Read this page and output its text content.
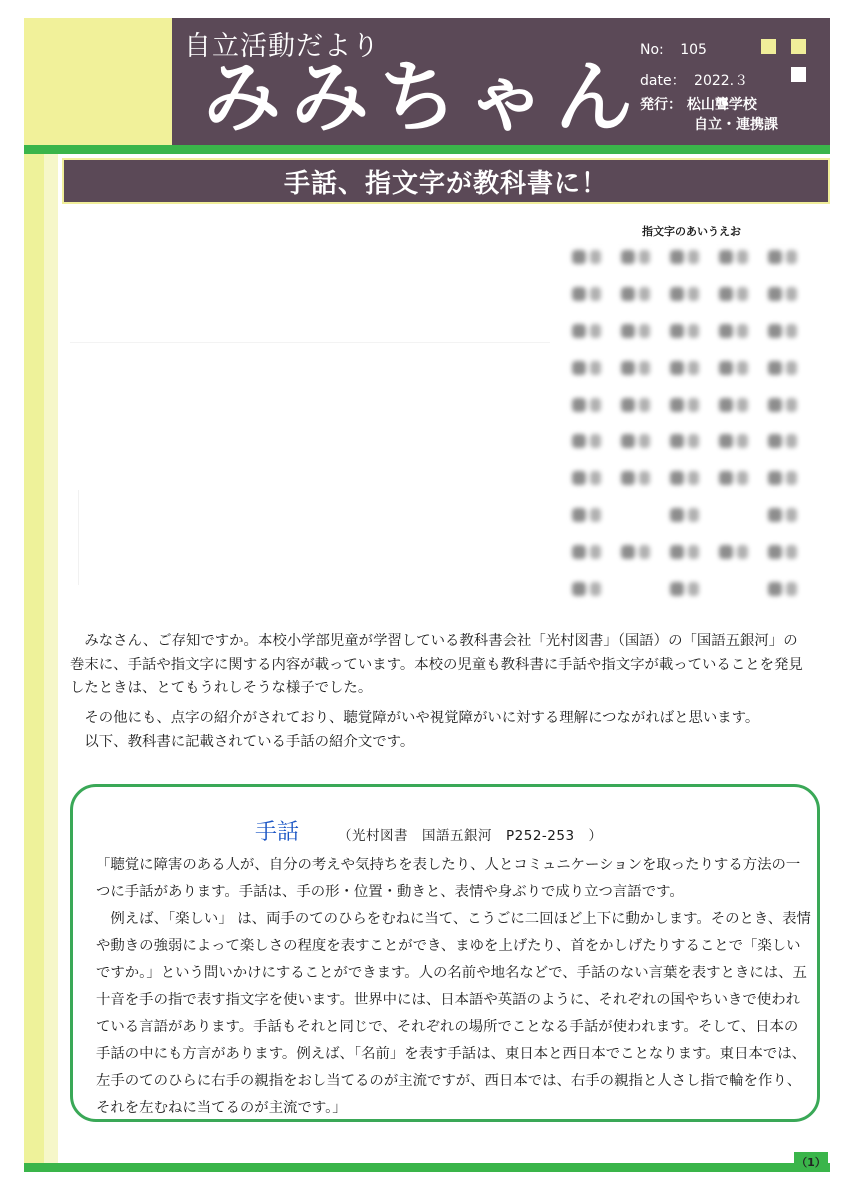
自立活動だより
みみちゃん
No: 105
date： 2022.３
発行： 松山聾学校
自立・連携課
手話、指文字が教科書に！
指文字のあいうえお
みなさん、ご存知ですか。本校小学部児童が学習している教科書会社「光村図書」（国語）の「国語五銀河」の巻末に、手話や指文字に関する内容が載っています。本校の児童も教科書に手話や指文字が載っていることを発見したときは、とてもうれしそうな様子でした。
その他にも、点字の紹介がされており、聴覚障がいや視覚障がいに対する理解につながればと思います。
以下、教科書に記載されている手話の紹介文です。
手話	（光村図書　国語五銀河　P252-253　）
「聴覚に障害のある人が、自分の考えや気持ちを表したり、人とコミュニケーションを取ったりする方法の一つに手話があります。手話は、手の形・位置・動きと、表情や身ぶりで成り立つ言語です。
例えば、「楽しい」 は、両手のてのひらをむねに当て、こうごに二回ほど上下に動かします。そのとき、表情や動きの強弱によって楽しさの程度を表すことができ、まゆを上げたり、首をかしげたりすることで「楽しいですか。」という問いかけにすることができます。人の名前や地名などで、手話のない言葉を表すときには、五十音を手の指で表す指文字を使います。世界中には、日本語や英語のように、それぞれの国やちいきで使われている言語があります。手話もそれと同じで、それぞれの場所でことなる手話が使われます。そして、日本の手話の中にも方言があります。例えば、「名前」を表す手話は、東日本と西日本でことなります。東日本では、左手のてのひらに右手の親指をおし当てるのが主流ですが、西日本では、右手の親指と人さし指で輪を作り、それを左むねに当てるのが主流です。」
（1）
